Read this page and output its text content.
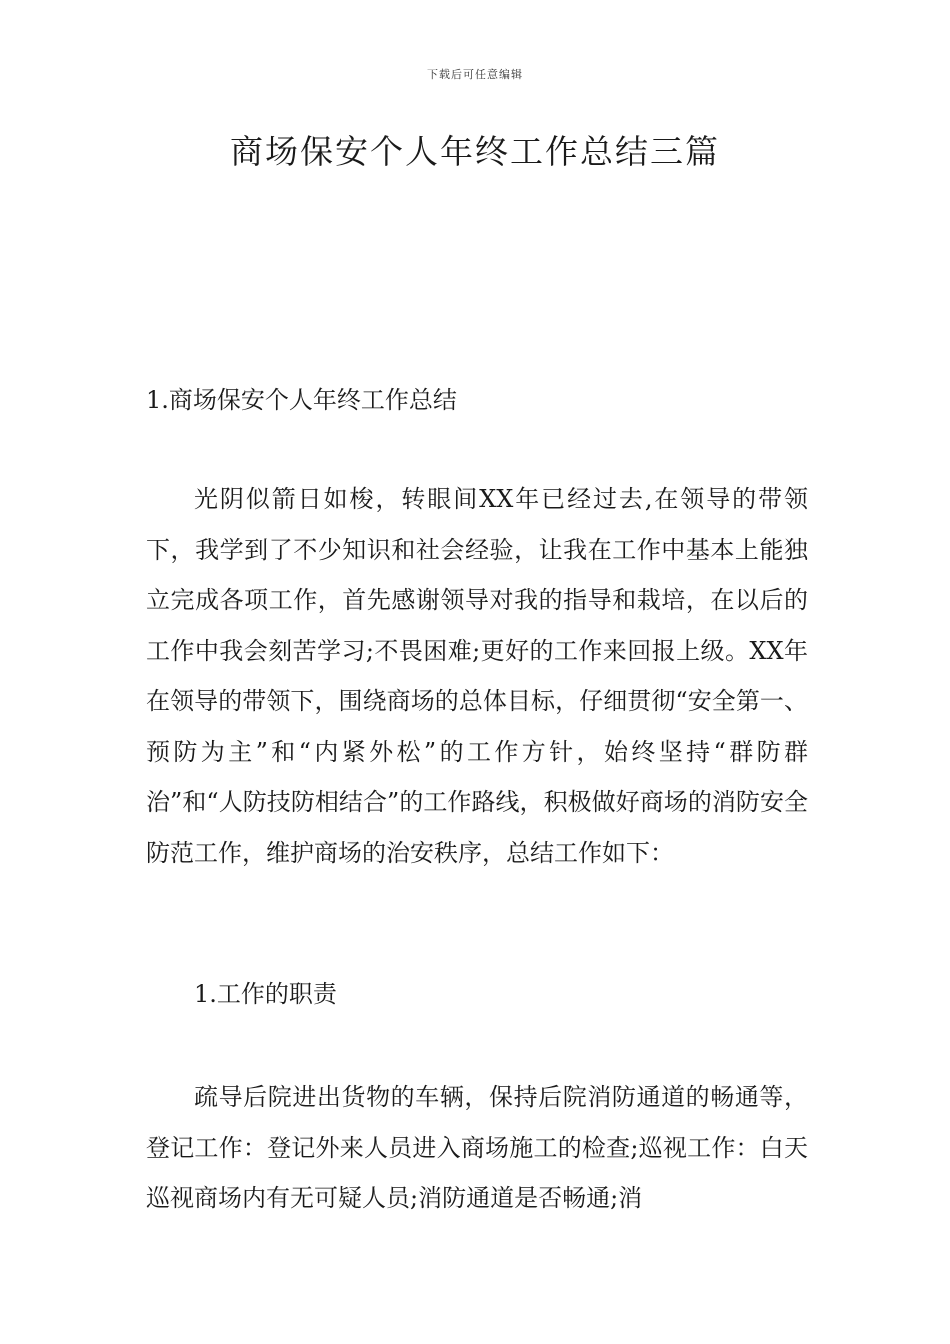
下载后可任意编辑
商场保安个人年终工作总结三篇
1.商场保安个人年终工作总结

光阴似箭日如梭，转眼间XX年已经过去,在领导的带领下，我学到了不少知识和社会经验，让我在工作中基本上能独立完成各项工作，首先感谢领导对我的指导和栽培，在以后的工作中我会刻苦学习;不畏困难;更好的工作来回报上级。XX年在领导的带领下，围绕商场的总体目标，仔细贯彻“安全第一、预防为主”和“内紧外松”的工作方针，始终坚持“群防群治”和“人防技防相结合”的工作路线，积极做好商场的消防安全防范工作，维护商场的治安秩序，总结工作如下：

1.工作的职责

疏导后院进出货物的车辆，保持后院消防通道的畅通等，登记工作：登记外来人员进入商场施工的检查;巡视工作：白天巡视商场内有无可疑人员;消防通道是否畅通;消
